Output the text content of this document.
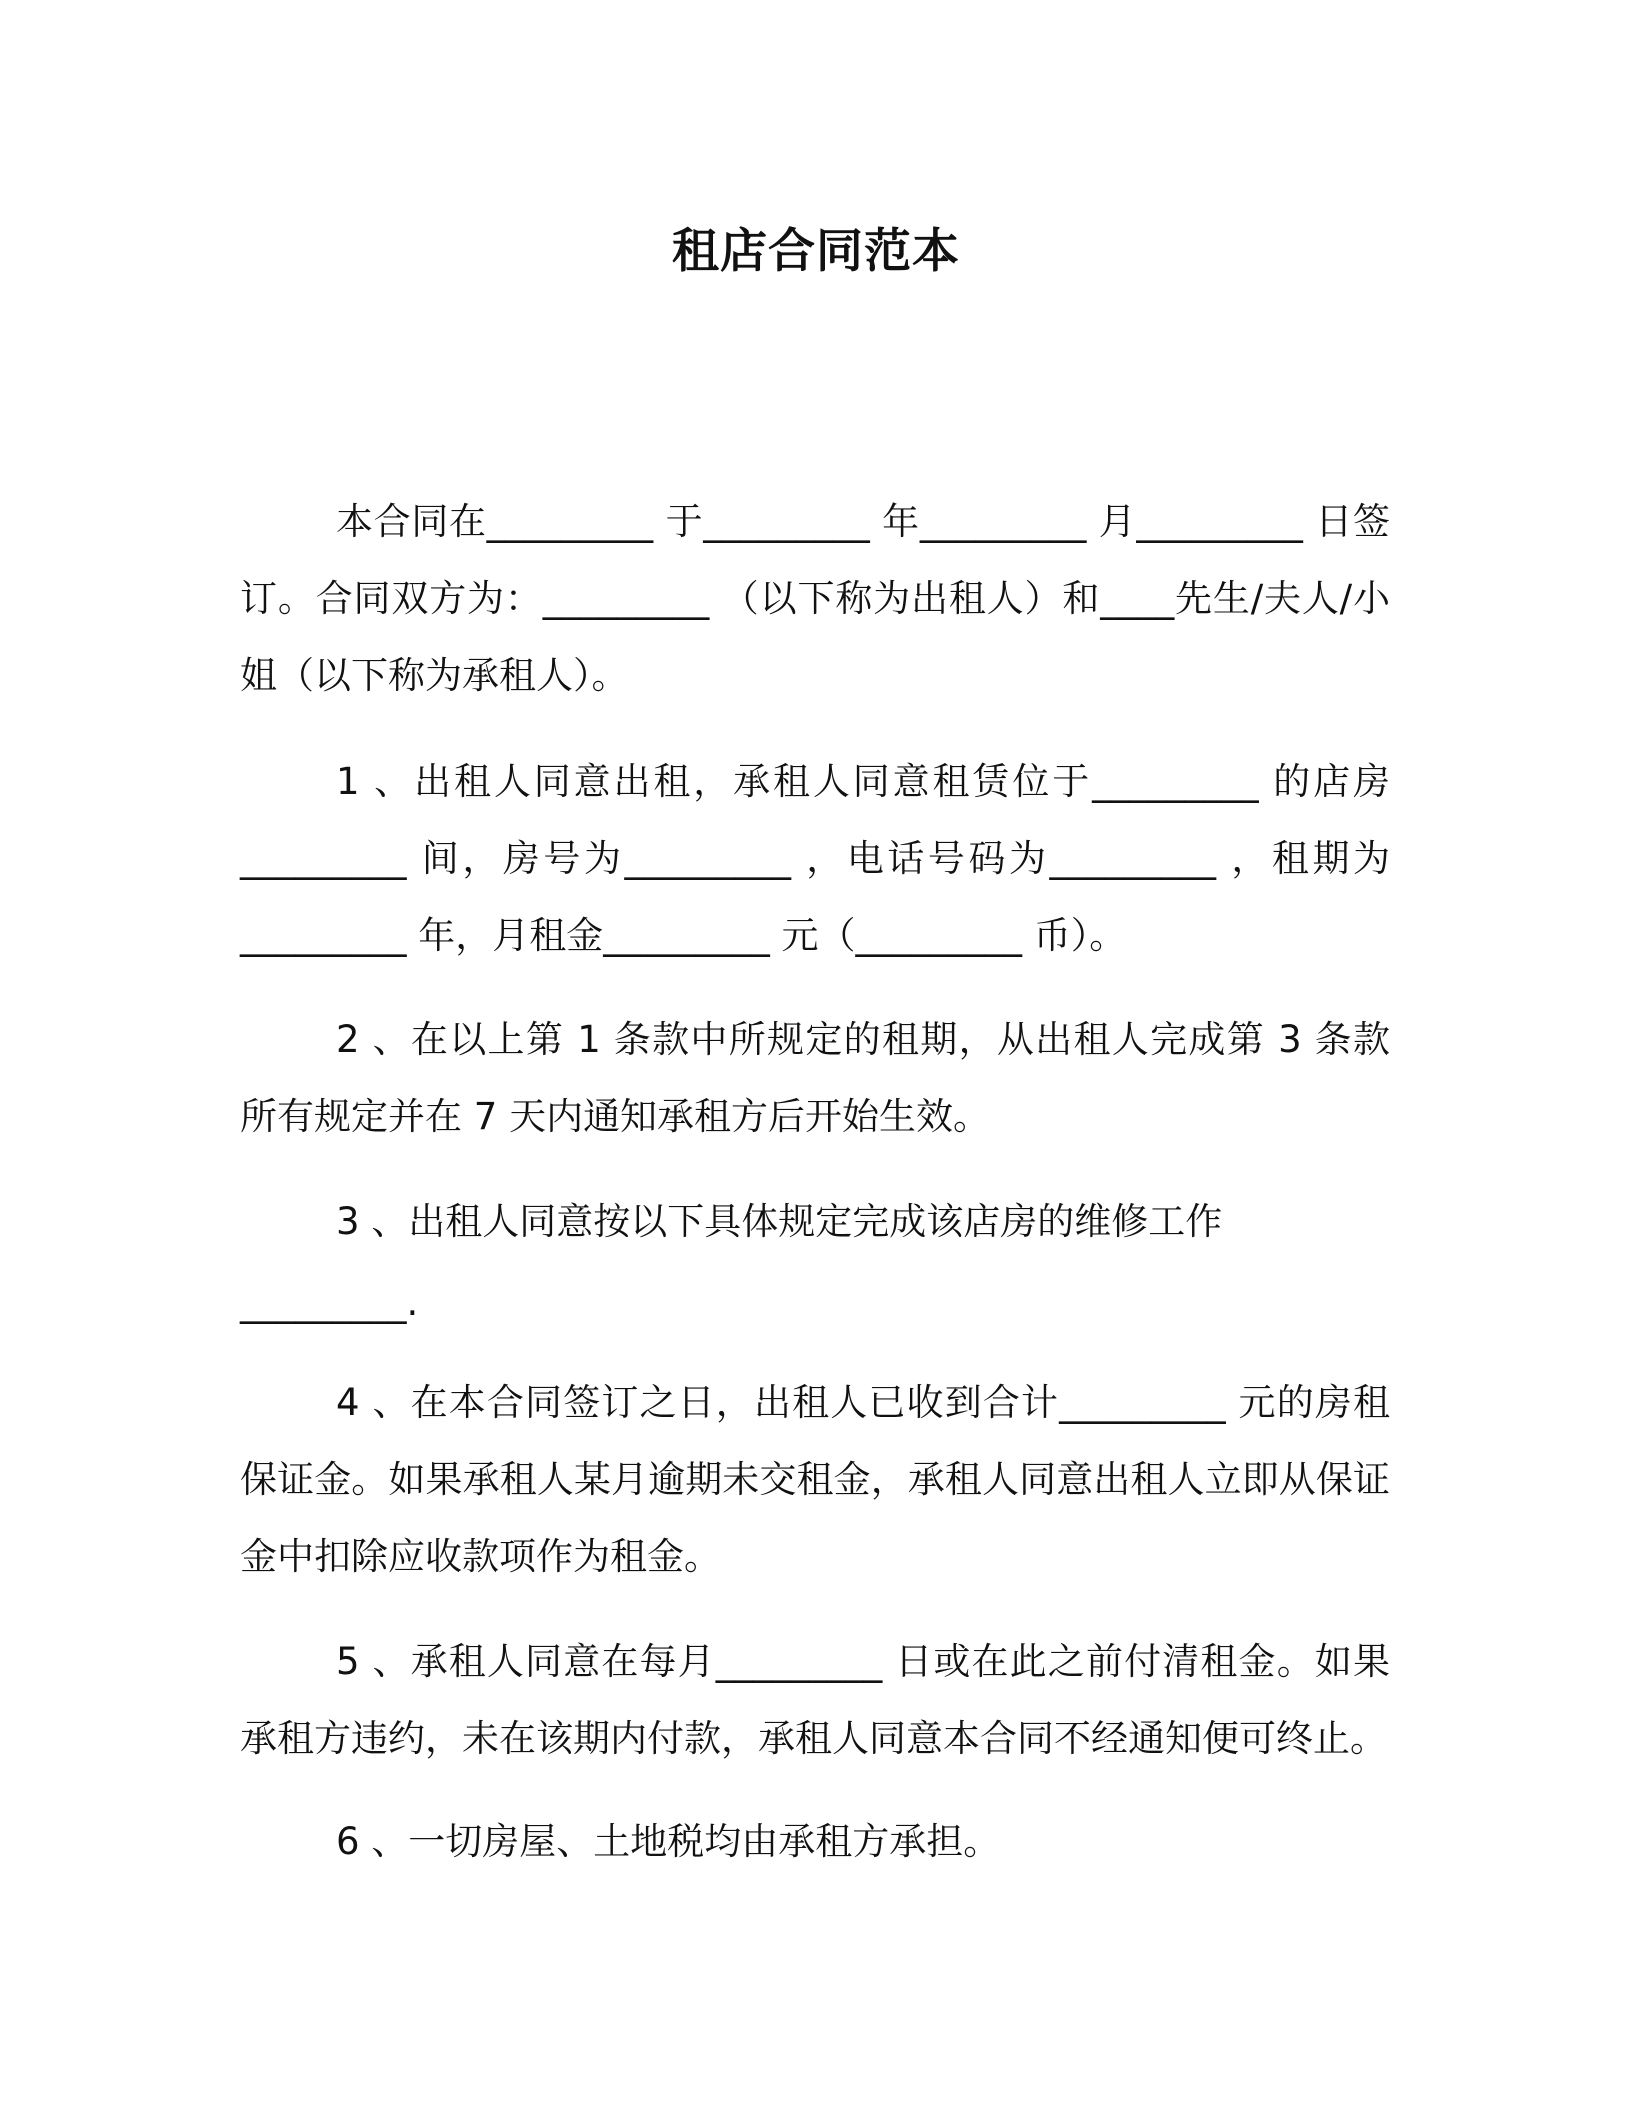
租店合同范本

本合同在_________ 于_________ 年_________ 月_________ 日签订。合同双方为：_________ （以下称为出租人）和____先生/夫人/小姐（以下称为承租人）。

1 、出租人同意出租，承租人同意租赁位于_________ 的店房_________ 间，房号为_________ ，电话号码为_________ ，租期为_________ 年，月租金_________ 元（_________ 币）。

2 、在以上第 1 条款中所规定的租期，从出租人完成第 3 条款所有规定并在 7 天内通知承租方后开始生效。

3 、出租人同意按以下具体规定完成该店房的维修工作

_________.

4 、在本合同签订之日，出租人已收到合计_________ 元的房租保证金。如果承租人某月逾期未交租金，承租人同意出租人立即从保证金中扣除应收款项作为租金。

5 、承租人同意在每月_________ 日或在此之前付清租金。如果承租方违约，未在该期内付款，承租人同意本合同不经通知便可终止。

6 、一切房屋、土地税均由承租方承担。
